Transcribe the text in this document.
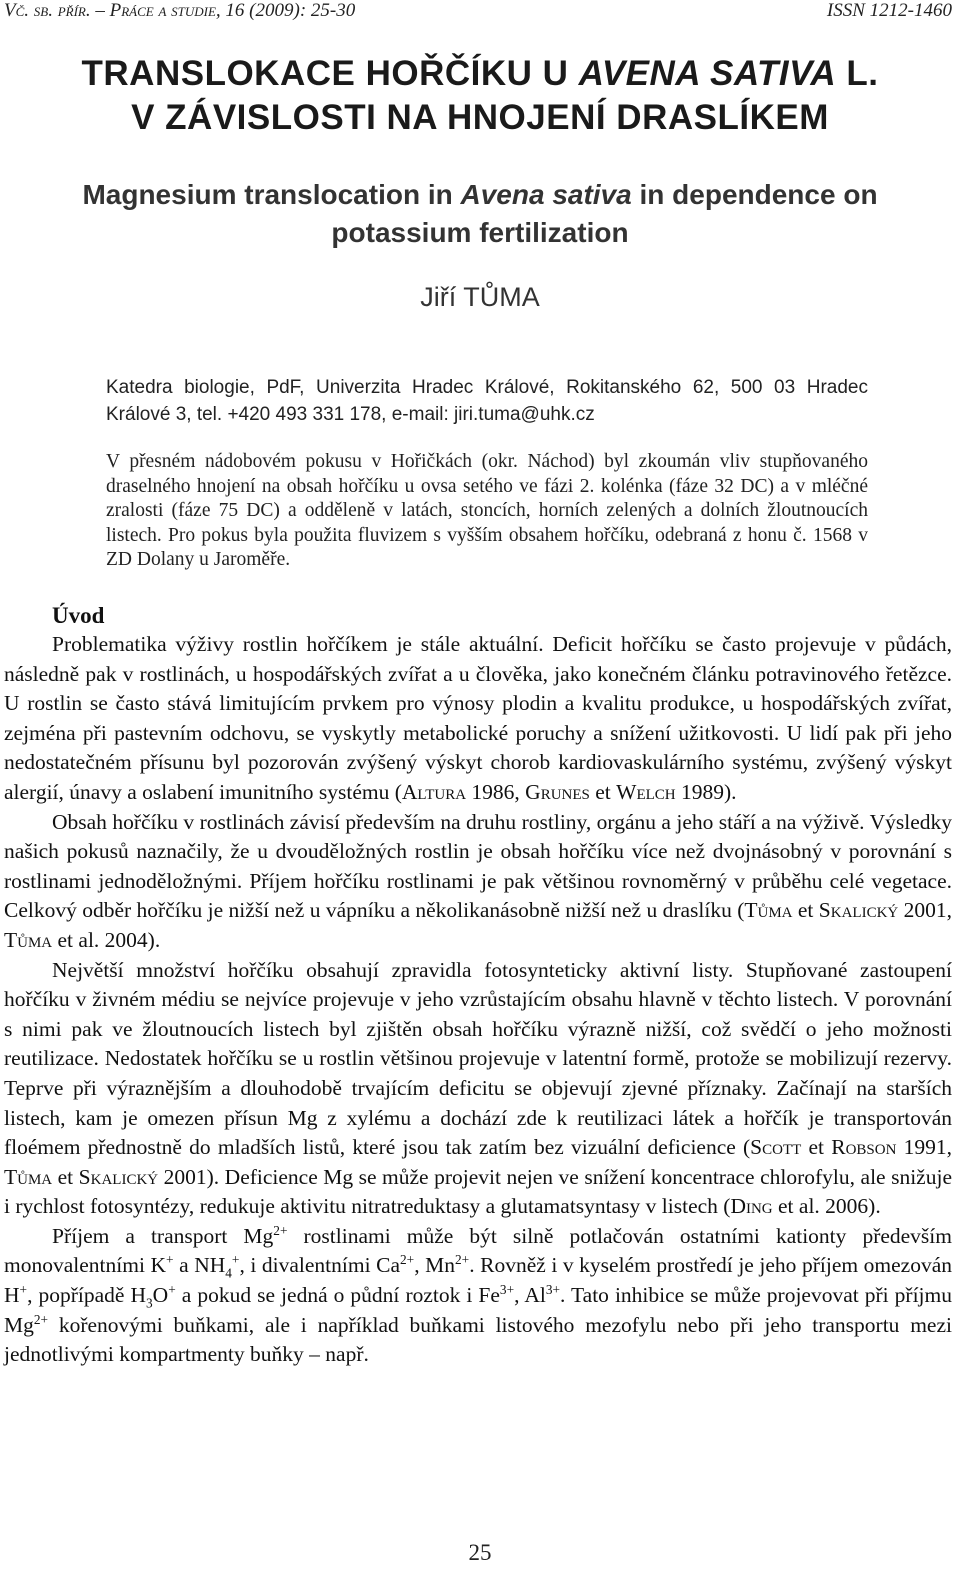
Vč. sb. přír. – Práce a studie, 16 (2009): 25-30	ISSN 1212-1460
TRANSLOKACE HOŘČÍKU U AVENA SATIVA L.
V ZÁVISLOSTI NA HNOJENÍ DRASLÍKEM
Magnesium translocation in Avena sativa in dependence on potassium fertilization
Jiří TŮMA
Katedra biologie, PdF, Univerzita Hradec Králové, Rokitanského 62, 500 03 Hradec Králové 3, tel. +420 493 331 178, e-mail: jiri.tuma@uhk.cz
V přesném nádobovém pokusu v Hořičkách (okr. Náchod) byl zkoumán vliv stupňovaného draselného hnojení na obsah hořčíku u ovsa setého ve fázi 2. kolénka (fáze 32 DC) a v mléčné zralosti (fáze 75 DC) a odděleně v latách, stoncích, horních zelených a dolních žloutnoucích listech. Pro pokus byla použita fluvizem s vyšším obsahem hořčíku, odebraná z honu č. 1568 v ZD Dolany u Jaroměře.
Úvod

Problematika výživy rostlin hořčíkem je stále aktuální. Deficit hořčíku se často projevuje v půdách, následně pak v rostlinách, u hospodářských zvířat a u člověka, jako konečném článku potravinového řetězce. U rostlin se často stává limitujícím prvkem pro výnosy plodin a kvalitu produkce, u hospodářských zvířat, zejména při pastevním odchovu, se vyskytly metabolické poruchy a snížení užitkovosti. U lidí pak při jeho nedostatečném přísunu byl pozorován zvýšený výskyt chorob kardiovaskulárního systému, zvýšený výskyt alergií, únavy a oslabení imunitního systému (Altura 1986, Grunes et Welch 1989).

Obsah hořčíku v rostlinách závisí především na druhu rostliny, orgánu a jeho stáří a na výživě. Výsledky našich pokusů naznačily, že u dvouděložných rostlin je obsah hořčíku více než dvojnásobný v porovnání s rostlinami jednoděložnými. Příjem hořčíku rostlinami je pak většinou rovnoměrný v průběhu celé vegetace. Celkový odběr hořčíku je nižší než u vápníku a několikanásobně nižší než u draslíku (Tůma et Skalický 2001, Tůma et al. 2004).

Největší množství hořčíku obsahují zpravidla fotosynteticky aktivní listy. Stupňované zastoupení hořčíku v živném médiu se nejvíce projevuje v jeho vzrůstajícím obsahu hlavně v těchto listech. V porovnání s nimi pak ve žloutnoucích listech byl zjištěn obsah hořčíku výrazně nižší, což svědčí o jeho možnosti reutilizace. Nedostatek hořčíku se u rostlin většinou projevuje v latentní formě, protože se mobilizují rezervy. Teprve při výraznějším a dlouhodobě trvajícím deficitu se objevují zjevné příznaky. Začínají na starších listech, kam je omezen přísun Mg z xylému a dochází zde k reutilizaci látek a hořčík je transportován floémem přednostně do mladších listů, které jsou tak zatím bez vizuální deficience (Scott et Robson 1991, Tůma et Skalický 2001). Deficience Mg se může projevit nejen ve snížení koncentrace chlorofylu, ale snižuje i rychlost fotosyntézy, redukuje aktivitu nitratreduktasy a glutamatsyntasy v listech (Ding et al. 2006).

Příjem a transport $Mg^{2+}$ rostlinami může být silně potlačován ostatními kationty především monovalentními K+ a $NH_4^+$, i divalentními $Ca^{2+}$, $Mn^{2+}$. Rovněž i v kyselém prostředí je jeho příjem omezován H+, popřípadě $H_3O^+$ a pokud se jedná o půdní roztok i $Fe^{3+}$, $Al^{3+}$. Tato inhibice se může projevovat při příjmu $Mg^{2+}$ kořenovými buňkami, ale i například buňkami listového mezofylu nebo při jeho transportu mezi jednotlivými kompartmenty buňky – např.

25
